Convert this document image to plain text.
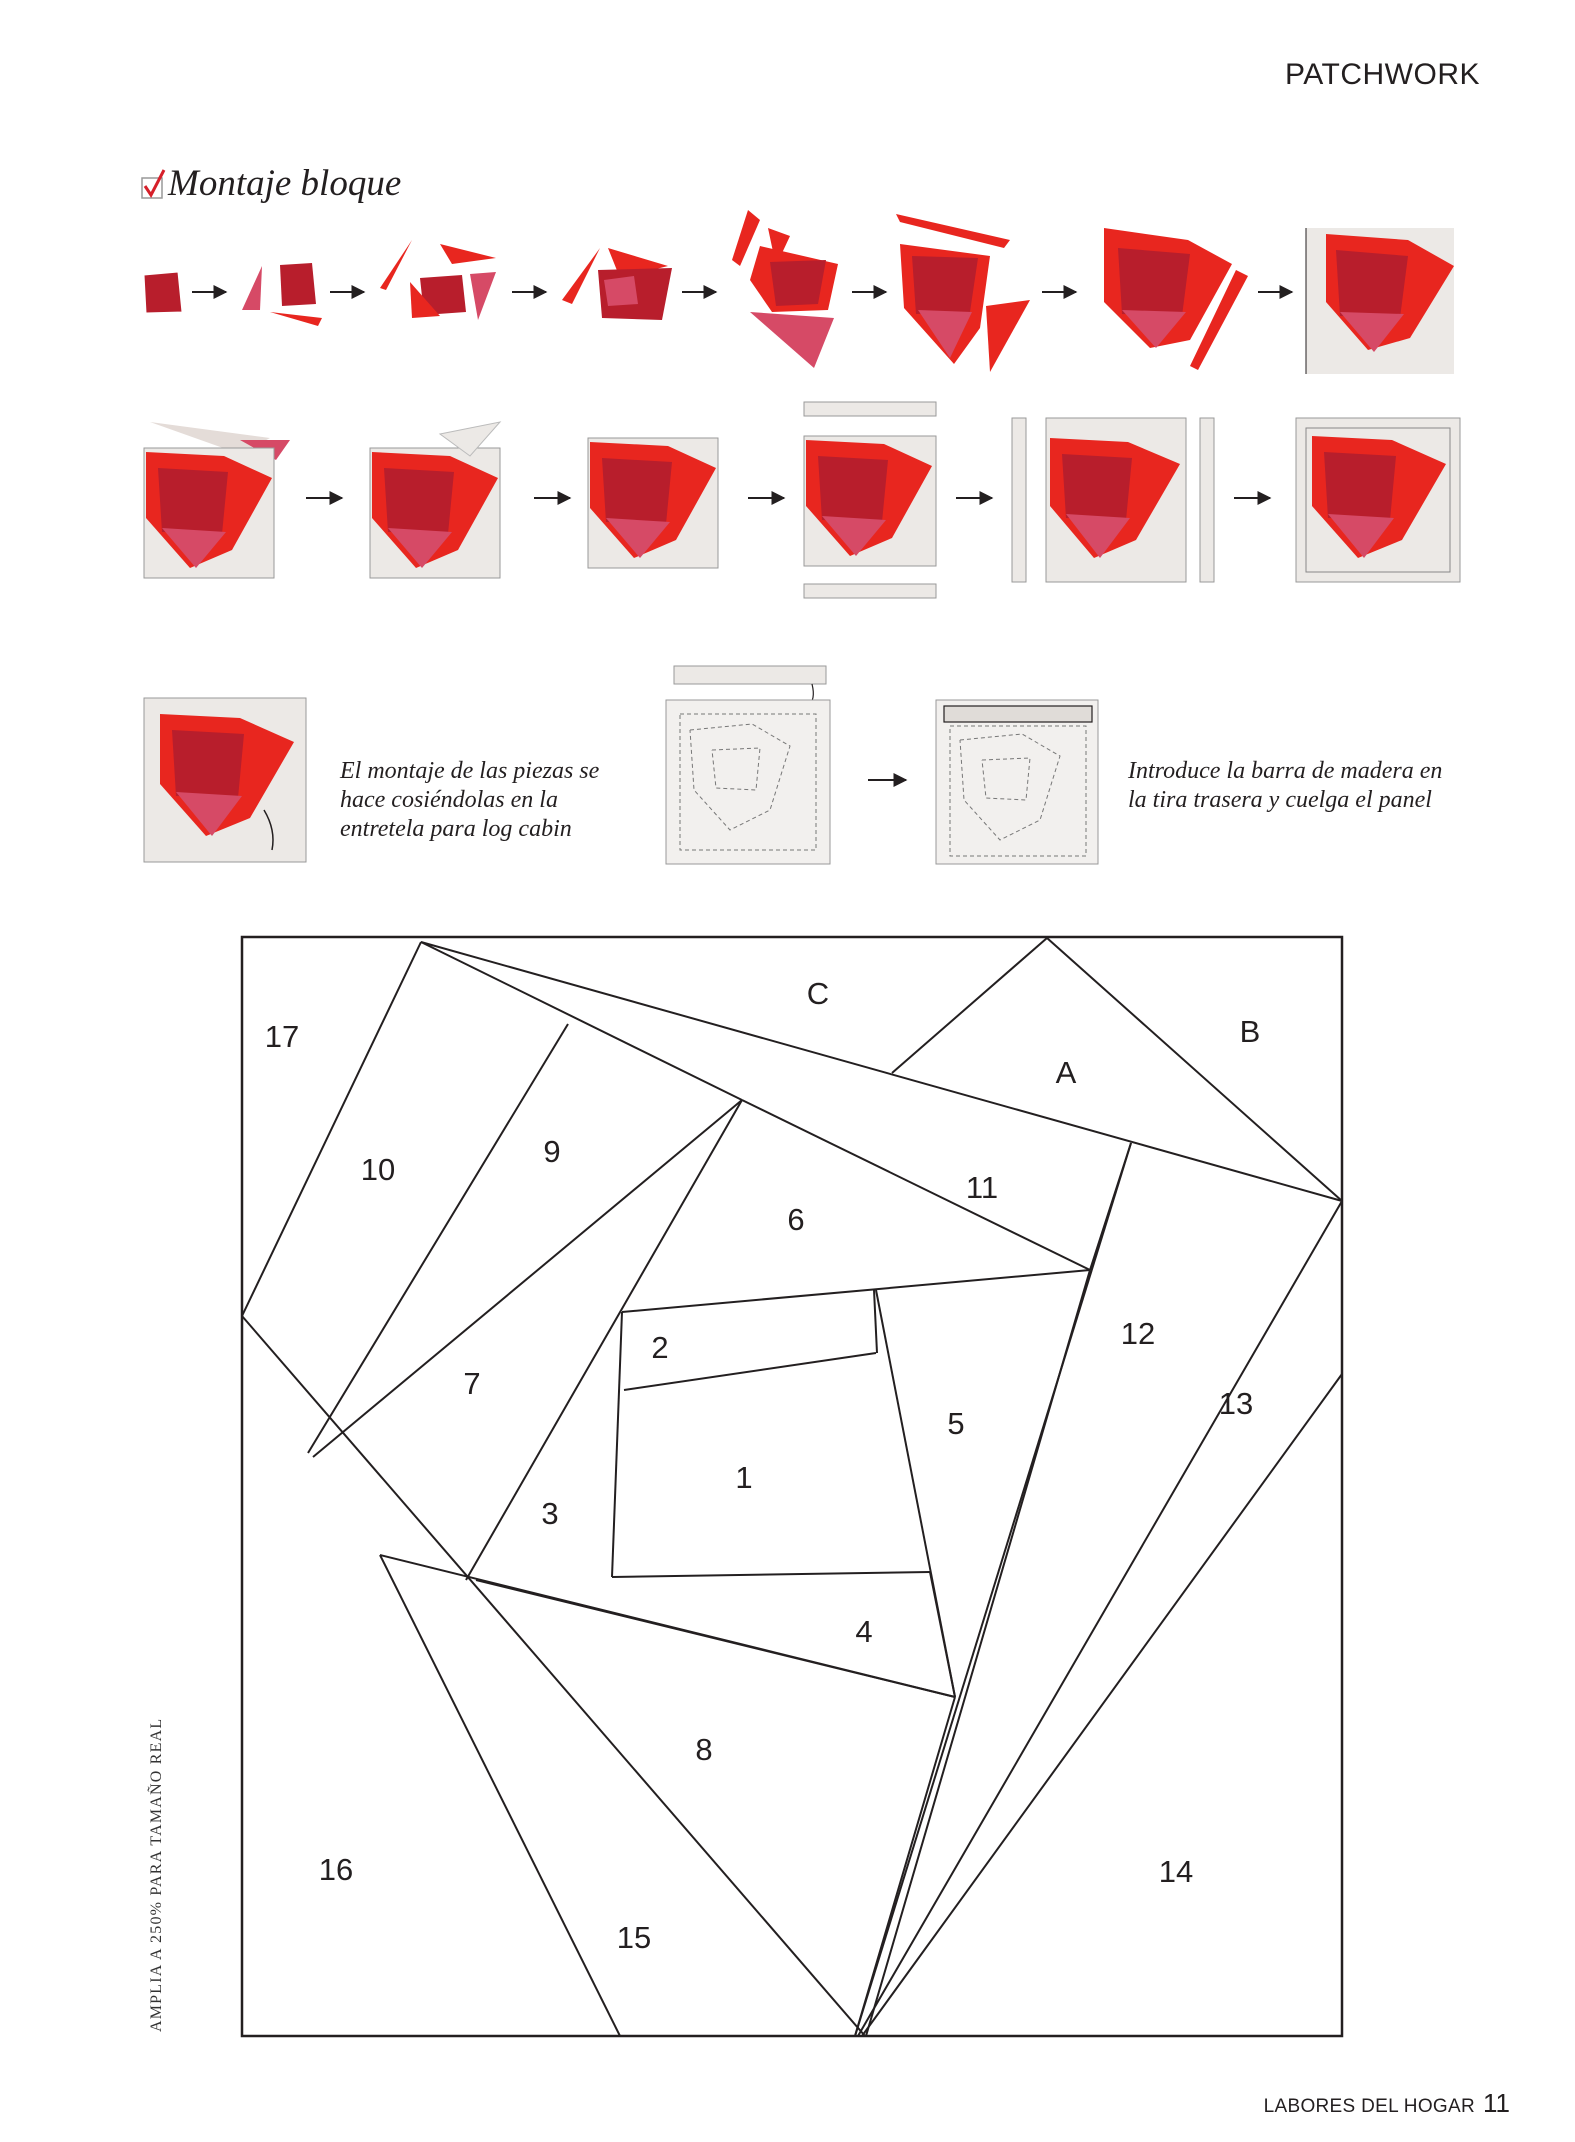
PATCHWORK
Montaje bloque
El montaje de las piezas se hace cosiéndolas en la entretela para log cabin
Introduce la barra de madera en la tira trasera y cuelga el panel
C
17	B
A
10
9
11
6
12
2
13
7
5
1
3
4
8
16	14
15
AMPLIA A 250% PARA TAMAÑO REAL
LABORES DEL HOGAR 11
